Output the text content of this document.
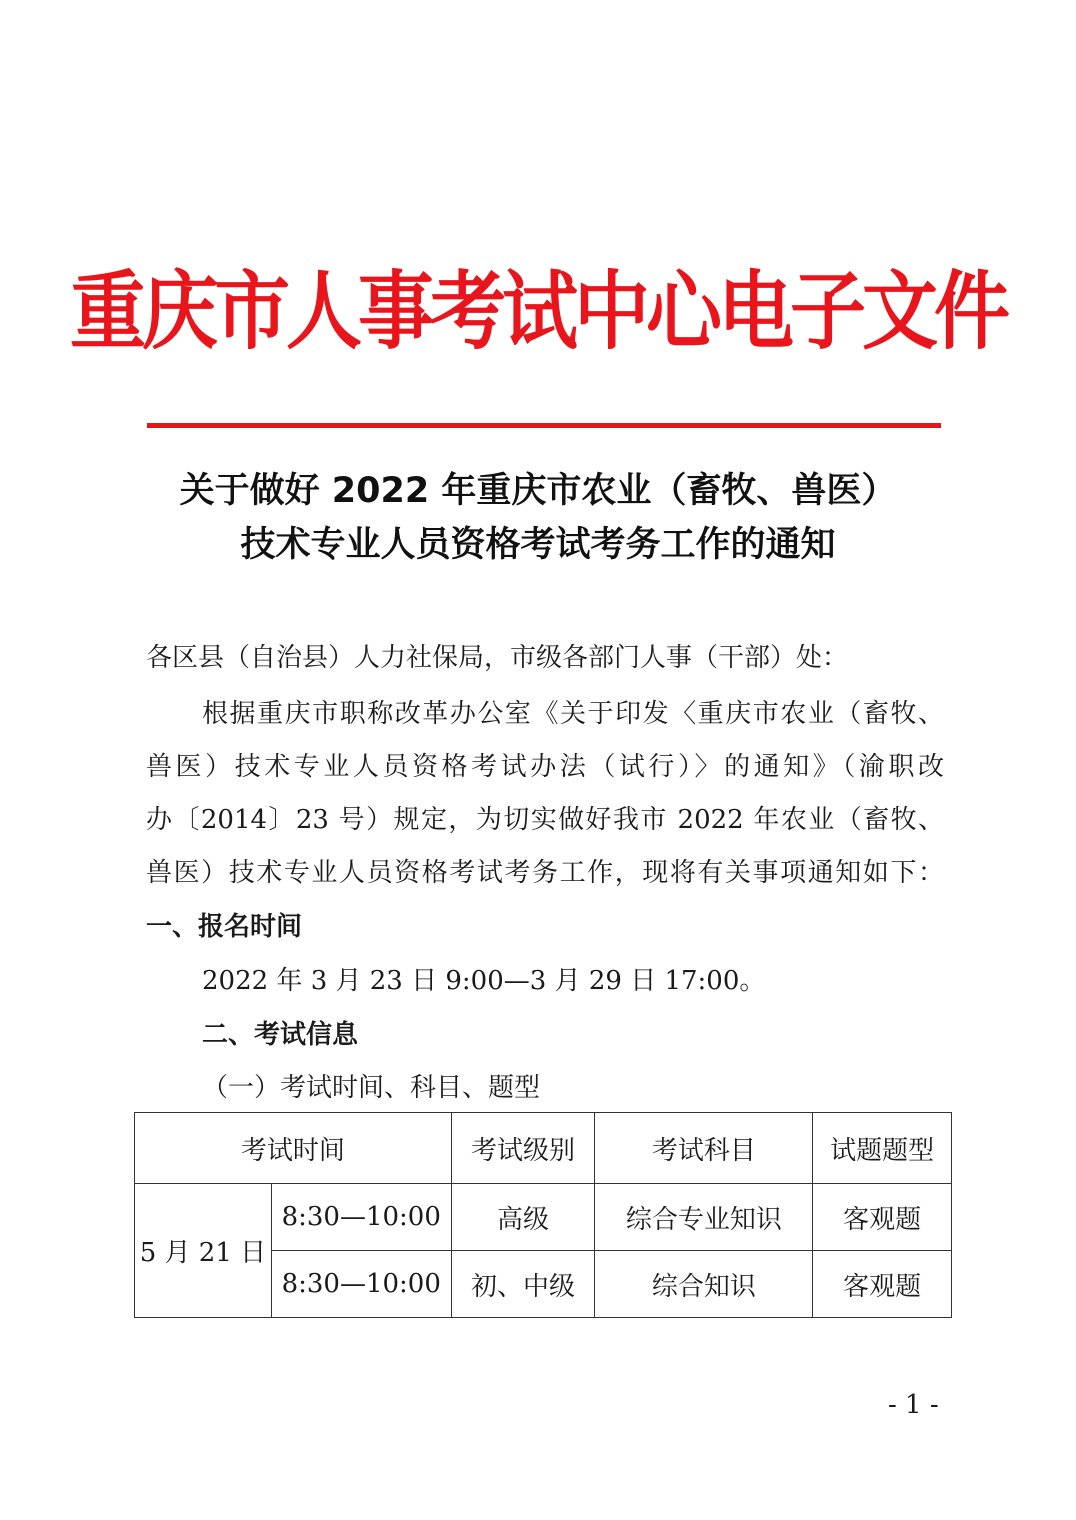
重庆市人事考试中心电子文件
关于做好 2022 年重庆市农业（畜牧、兽医）
技术专业人员资格考试考务工作的通知
各区县（自治县）人力社保局，市级各部门人事（干部）处：
根据重庆市职称改革办公室《关于印发〈重庆市农业（畜牧、
兽医）技术专业人员资格考试办法（试行）〉的通知》（渝职改
办〔2014〕23 号）规定，为切实做好我市 2022 年农业（畜牧、
兽医）技术专业人员资格考试考务工作，现将有关事项通知如下：
一、报名时间
2022 年 3 月 23 日 9:00—3 月 29 日 17:00。
二、考试信息
（一）考试时间、科目、题型
考试时间		考试级别	考试科目	试题题型
5 月 21 日	8:30—10:00	高级	综合专业知识	客观题
	8:30—10:00	初、中级	综合知识	客观题
- 1 -
